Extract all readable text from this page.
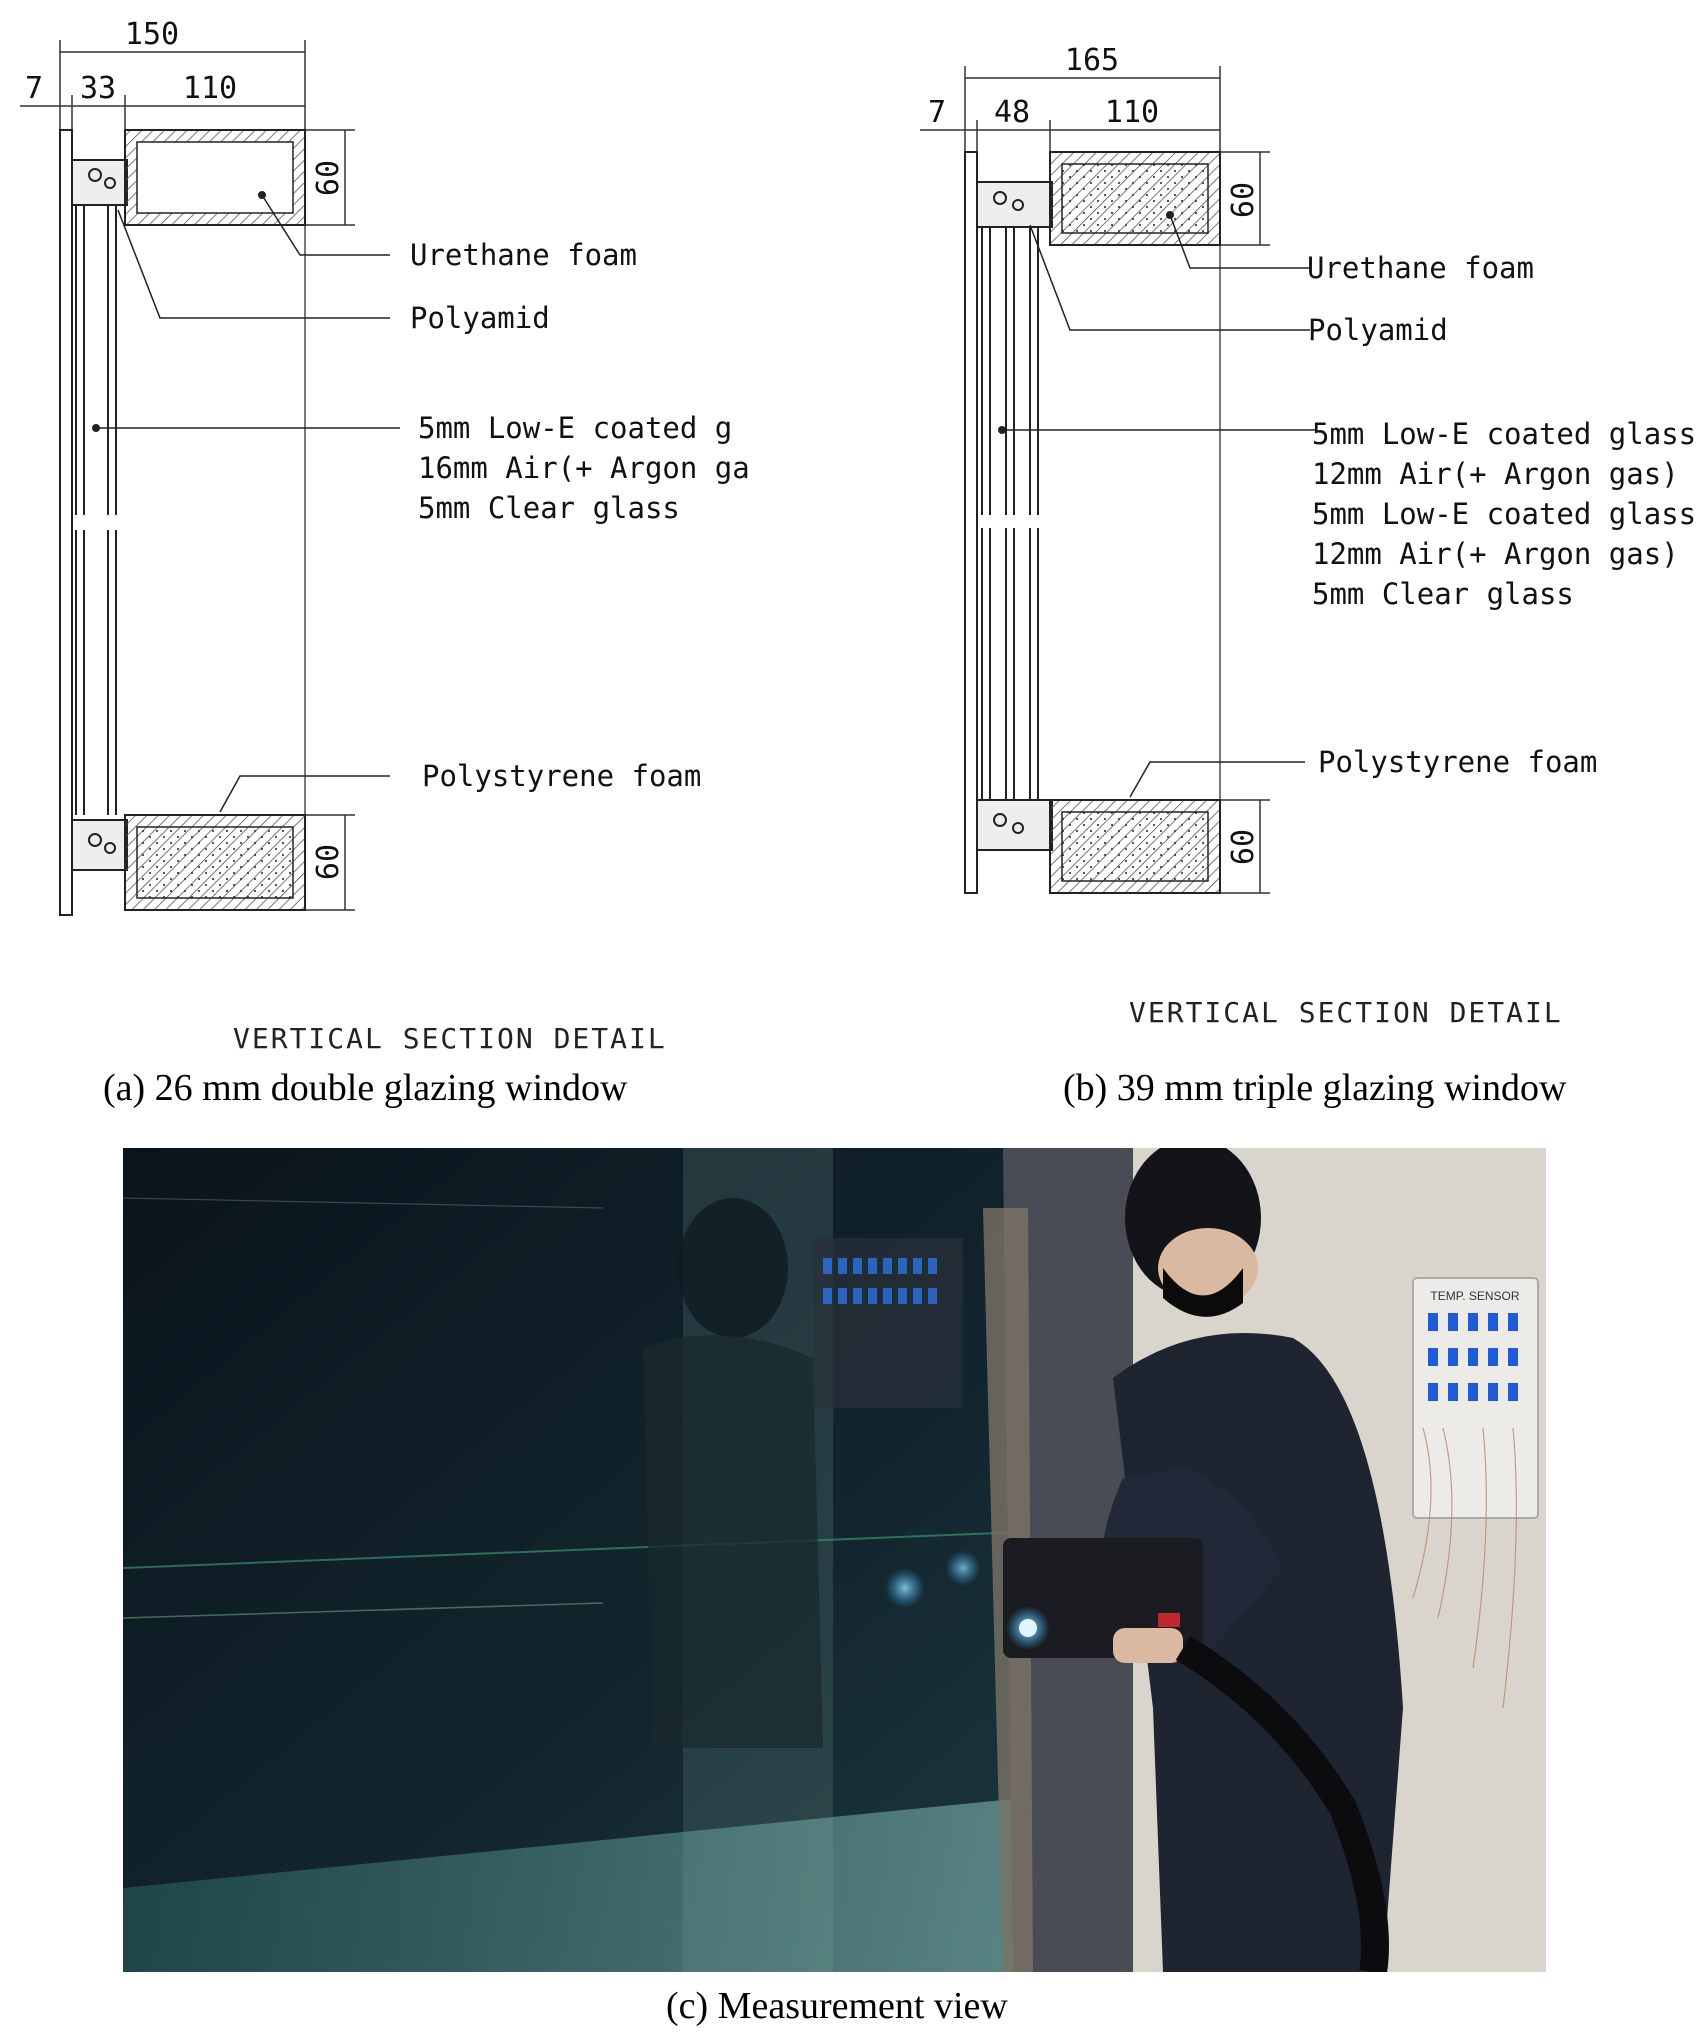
150
7 33 110
60
60
Urethane foam
Polyamid
5mm Low-E coated g
16mm Air(+ Argon ga
5mm Clear glass
Polystyrene foam
VERTICAL SECTION DETAIL
(a) 26 mm double glazing window
165
7 48 110
60
60
Urethane foam
Polyamid
5mm Low-E coated glass
12mm Air(+ Argon gas)
5mm Low-E coated glass
12mm Air(+ Argon gas)
5mm Clear glass
Polystyrene foam
VERTICAL SECTION DETAIL
(b) 39 mm triple glazing window
TEMP. SENSOR
(c) Measurement view
